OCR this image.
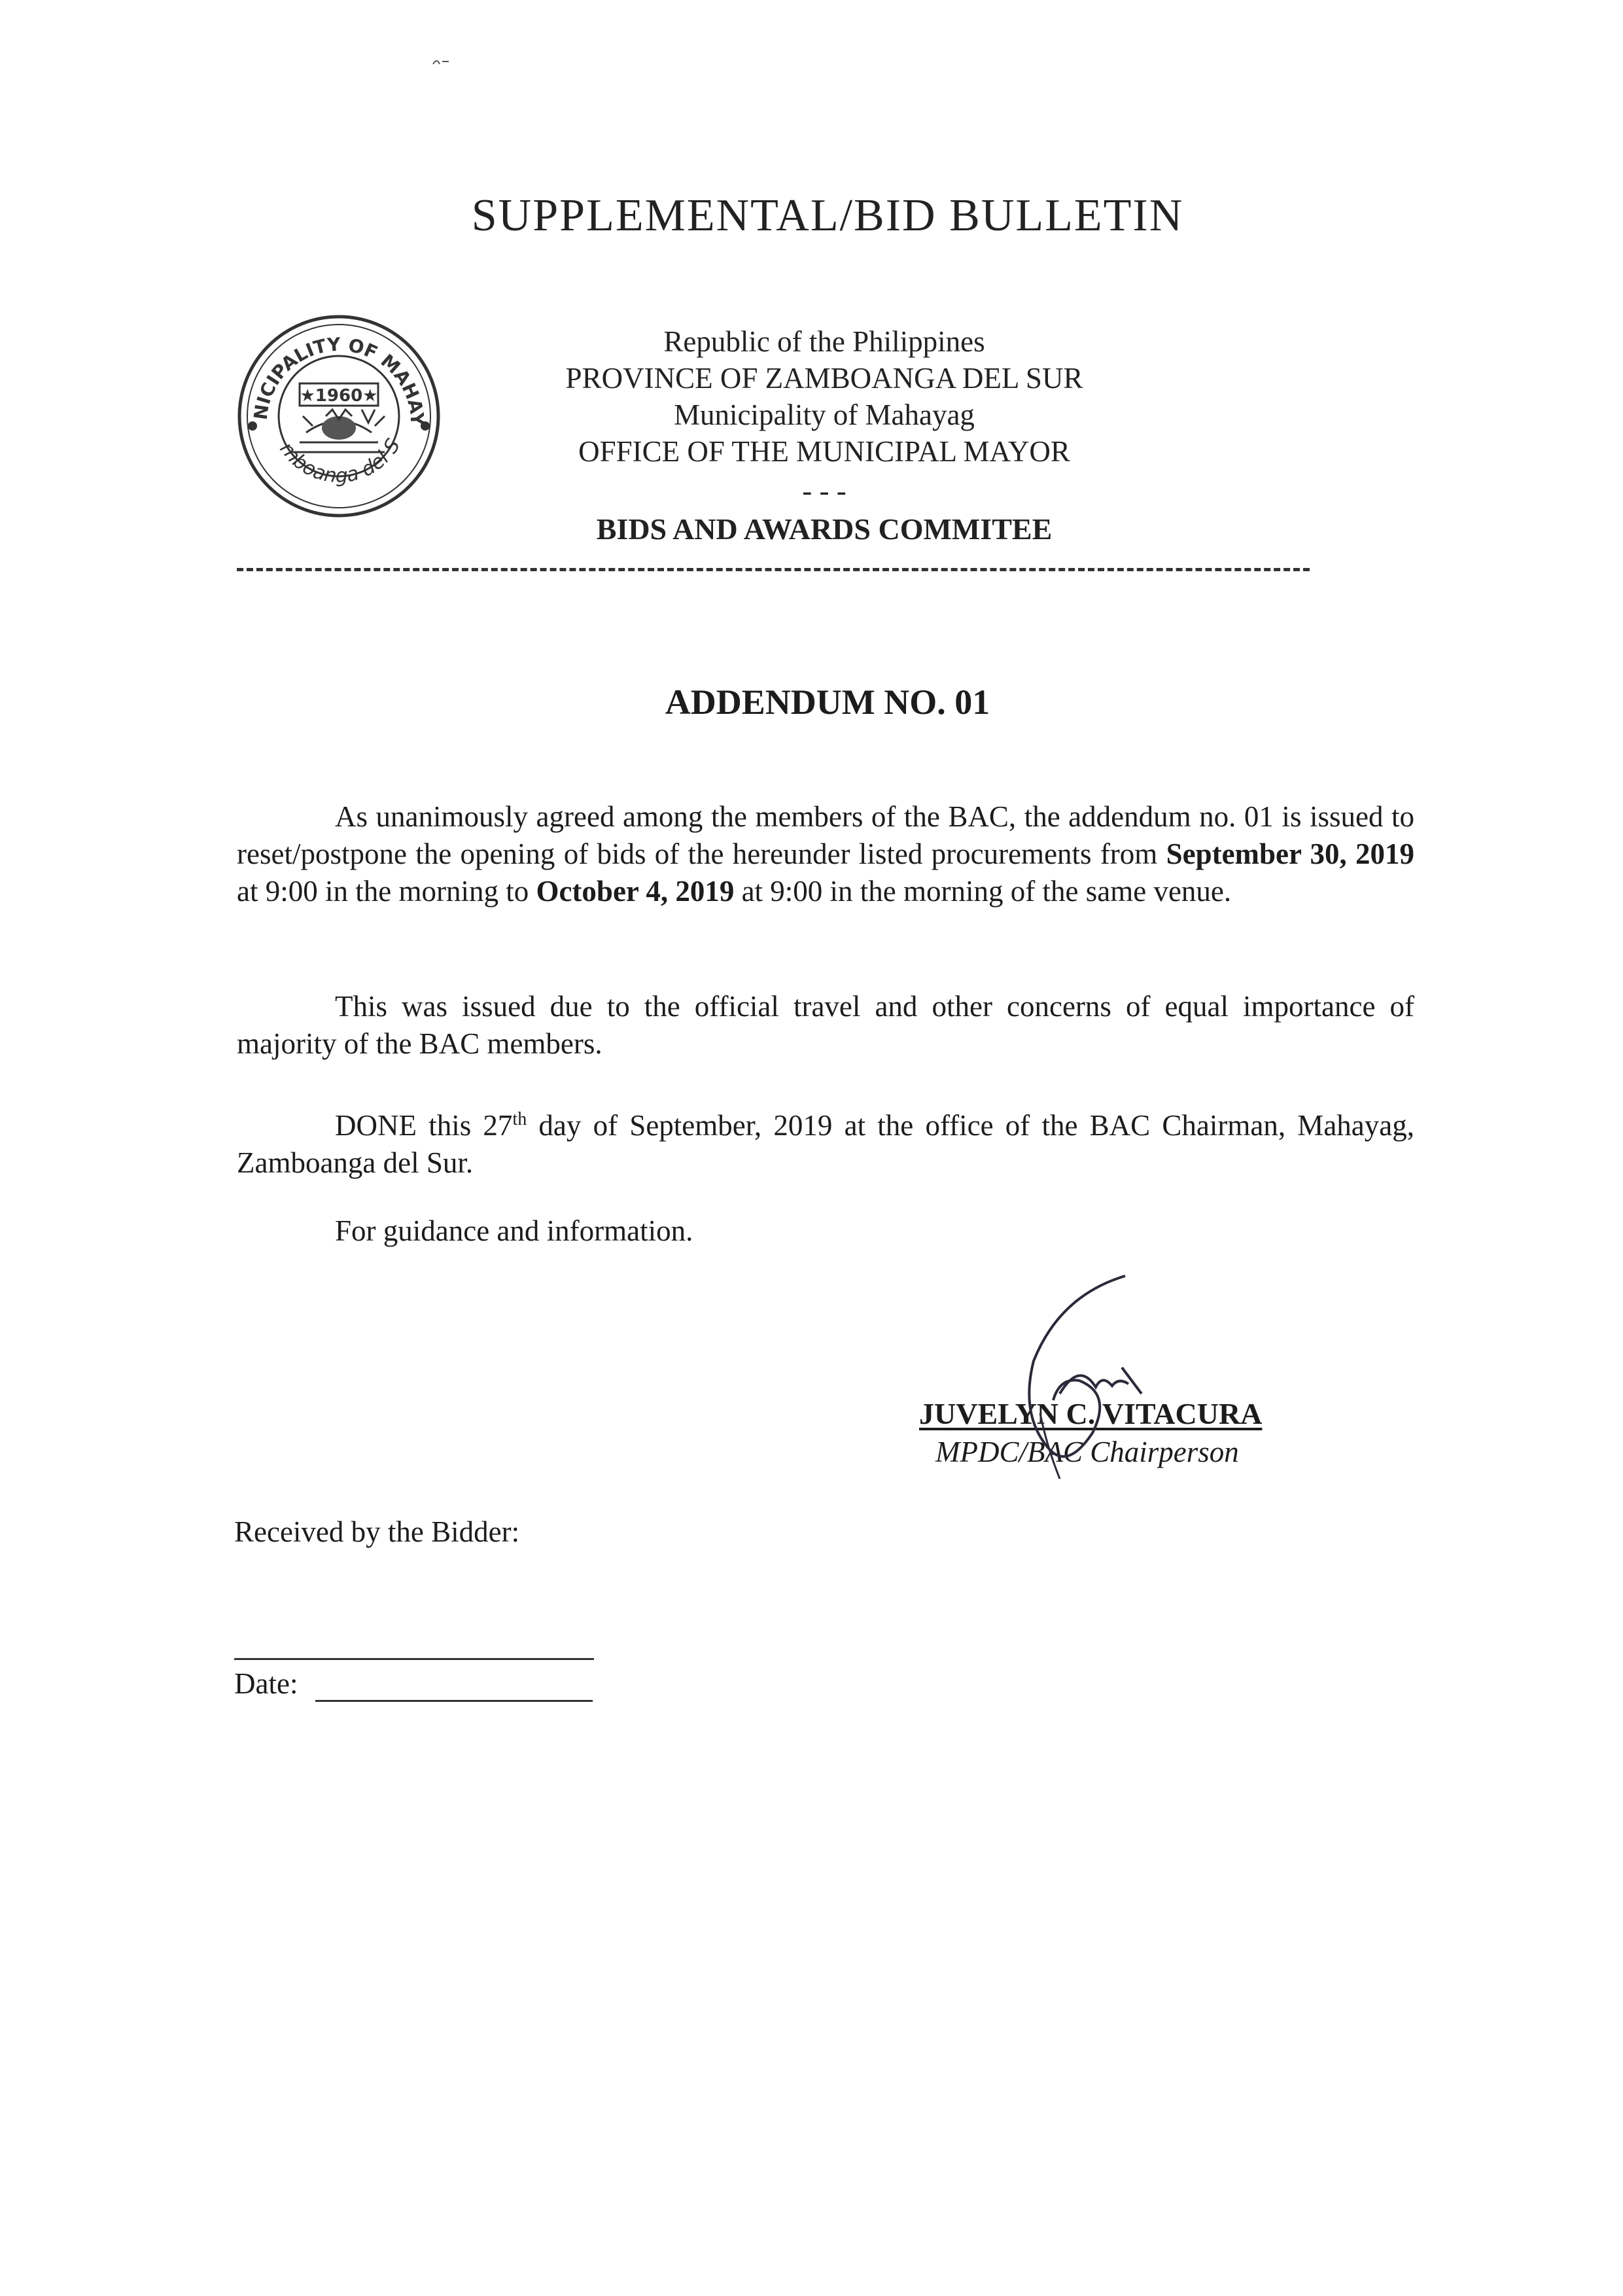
SUPPLEMENTAL/BID BULLETIN
NICIPALITY OF MAHAY
mboanga del S
★1960★
Republic of the Philippines
PROVINCE OF ZAMBOANGA DEL SUR
Municipality of Mahayag
OFFICE OF THE MUNICIPAL MAYOR
- - -
BIDS AND AWARDS COMMITEE
ADDENDUM NO. 01
As unanimously agreed among the members of the BAC, the addendum no. 01 is issued to reset/postpone the opening of bids of the hereunder listed procurements from September 30, 2019 at 9:00 in the morning to October 4, 2019 at 9:00 in the morning of the same venue.
This was issued due to the official travel and other concerns of equal importance of majority of the BAC members.
DONE this 27th day of September, 2019 at the office of the BAC Chairman, Mahayag, Zamboanga del Sur.
For guidance and information.
JUVELYN C. VITACURA
MPDC/BAC Chairperson
Received by the Bidder:
Date:
